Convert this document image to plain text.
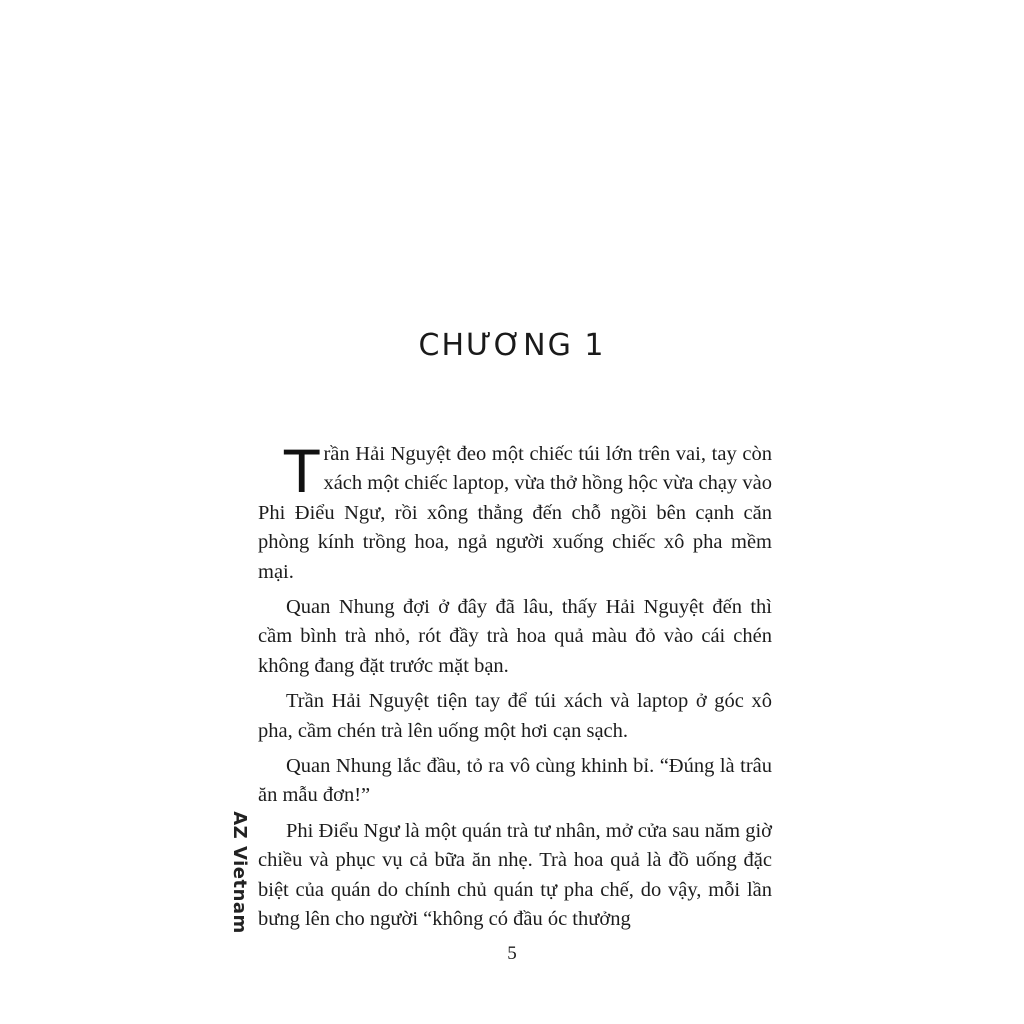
CHƯƠNG 1

Trần Hải Nguyệt đeo một chiếc túi lớn trên vai, tay còn xách một chiếc laptop, vừa thở hồng hộc vừa chạy vào Phi Điểu Ngư, rồi xông thẳng đến chỗ ngồi bên cạnh căn phòng kính trồng hoa, ngả người xuống chiếc xô pha mềm mại.

Quan Nhung đợi ở đây đã lâu, thấy Hải Nguyệt đến thì cầm bình trà nhỏ, rót đầy trà hoa quả màu đỏ vào cái chén không đang đặt trước mặt bạn.

Trần Hải Nguyệt tiện tay để túi xách và laptop ở góc xô pha, cầm chén trà lên uống một hơi cạn sạch.

Quan Nhung lắc đầu, tỏ ra vô cùng khinh bỉ. “Đúng là trâu ăn mẫu đơn!”

Phi Điểu Ngư là một quán trà tư nhân, mở cửa sau năm giờ chiều và phục vụ cả bữa ăn nhẹ. Trà hoa quả là đồ uống đặc biệt của quán do chính chủ quán tự pha chế, do vậy, mỗi lần bưng lên cho người “không có đầu óc thưởng

AZ Vietnam
5
